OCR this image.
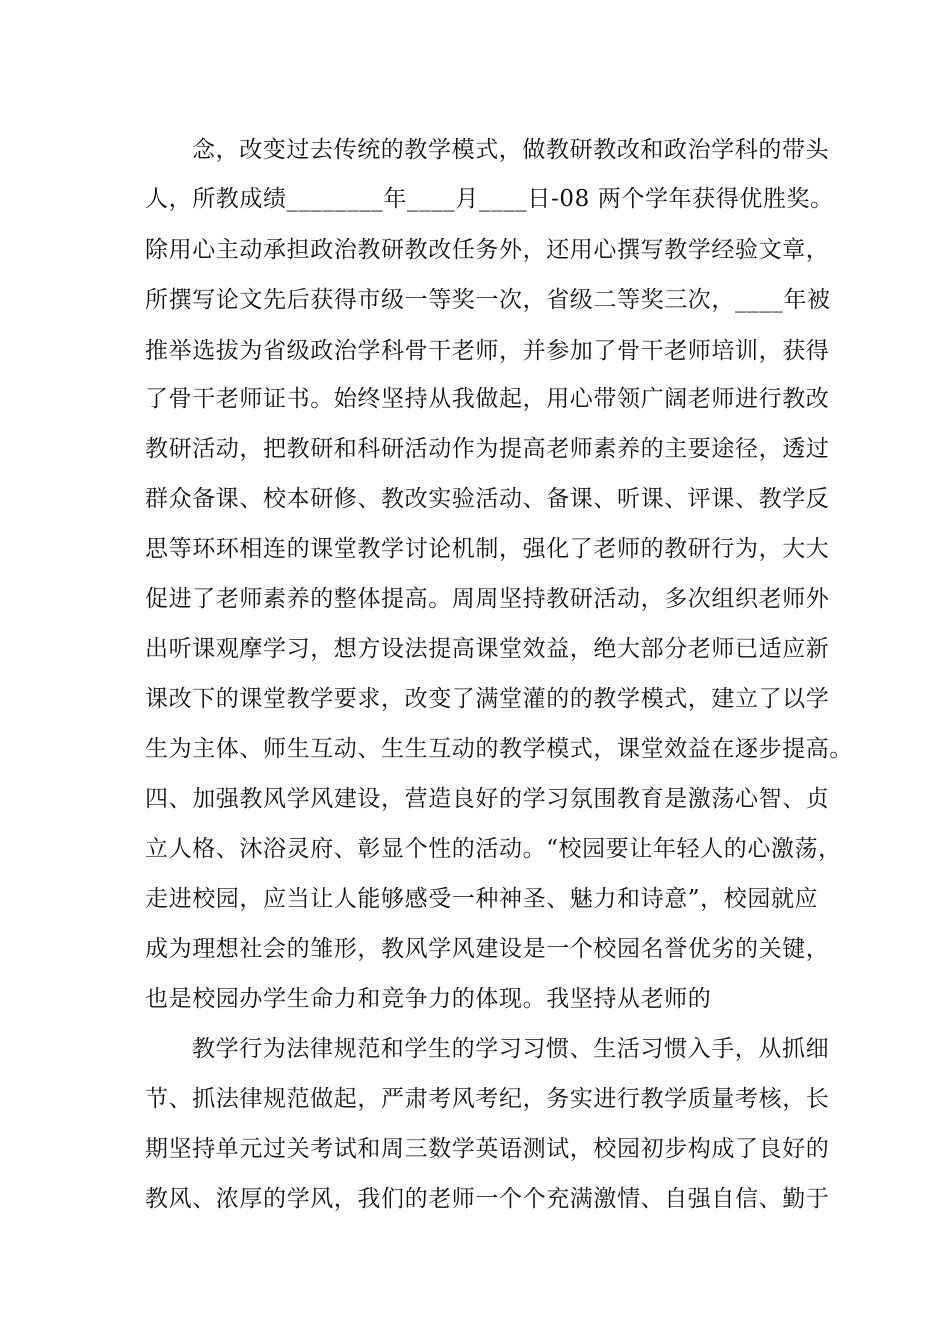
念，改变过去传统的教学模式，做教研教改和政治学科的带头
人，所教成绩________年____月____日-08 两个学年获得优胜奖。
除用心主动承担政治教研教改任务外，还用心撰写教学经验文章，
所撰写论文先后获得市级一等奖一次，省级二等奖三次，____年被
推举选拔为省级政治学科骨干老师，并参加了骨干老师培训，获得
了骨干老师证书。始终坚持从我做起，用心带领广阔老师进行教改
教研活动，把教研和科研活动作为提高老师素养的主要途径，透过
群众备课、校本研修、教改实验活动、备课、听课、评课、教学反
思等环环相连的课堂教学讨论机制，强化了老师的教研行为，大大
促进了老师素养的整体提高。周周坚持教研活动，多次组织老师外
出听课观摩学习，想方设法提高课堂效益，绝大部分老师已适应新
课改下的课堂教学要求，改变了满堂灌的的教学模式，建立了以学
生为主体、师生互动、生生互动的教学模式，课堂效益在逐步提高。
四、加强教风学风建设，营造良好的学习氛围教育是激荡心智、贞
立人格、沐浴灵府、彰显个性的活动。“校园要让年轻人的心激荡，
走进校园，应当让人能够感受一种神圣、魅力和诗意”，校园就应
成为理想社会的雏形，教风学风建设是一个校园名誉优劣的关键，
也是校园办学生命力和竞争力的体现。我坚持从老师的
教学行为法律规范和学生的学习习惯、生活习惯入手，从抓细
节、抓法律规范做起，严肃考风考纪，务实进行教学质量考核，长
期坚持单元过关考试和周三数学英语测试，校园初步构成了良好的
教风、浓厚的学风，我们的老师一个个充满激情、自强自信、勤于
